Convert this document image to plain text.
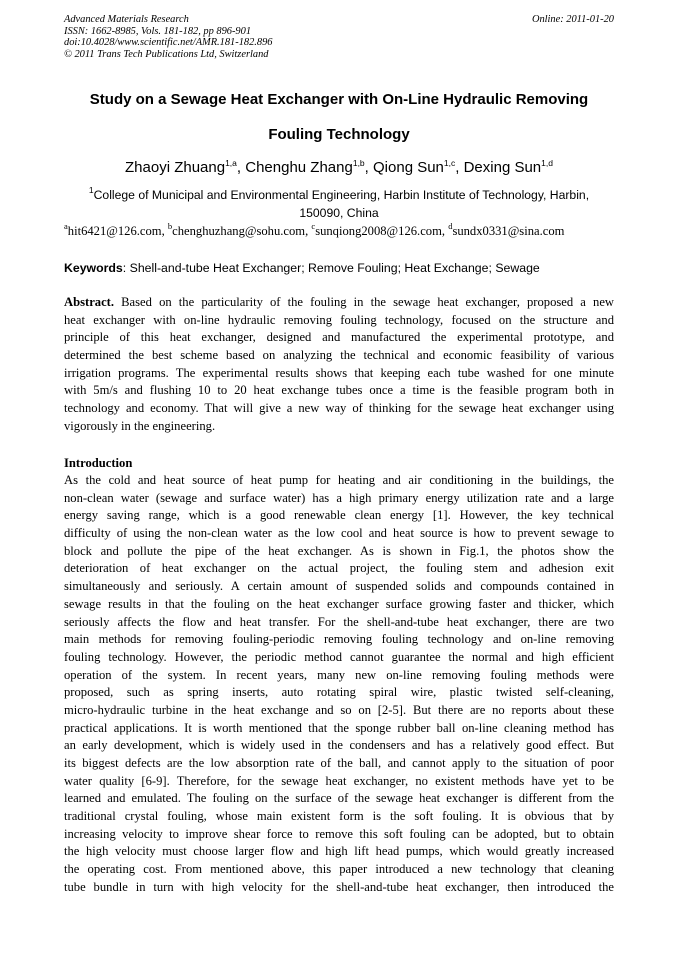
Advanced Materials Research
ISSN: 1662-8985, Vols. 181-182, pp 896-901
doi:10.4028/www.scientific.net/AMR.181-182.896
© 2011 Trans Tech Publications Ltd, Switzerland
Online: 2011-01-20
Study on a Sewage Heat Exchanger with On-Line Hydraulic Removing
Fouling Technology
Zhaoyi Zhuang$^{1,a}$, Chenghu Zhang$^{1,b}$, Qiong Sun$^{1,c}$, Dexing Sun$^{1,d}$
$^1$College of Municipal and Environmental Engineering, Harbin Institute of Technology, Harbin,
150090, China
$^a$hit6421@126.com, $^b$chenghuzhang@sohu.com, $^c$sunqiong2008@126.com, $^d$sundx0331@sina.com
Keywords: Shell-and-tube Heat Exchanger; Remove Fouling; Heat Exchange; Sewage
Abstract. Based on the particularity of the fouling in the sewage heat exchanger, proposed a new
heat exchanger with on-line hydraulic removing fouling technology, focused on the structure and
principle of this heat exchanger, designed and manufactured the experimental prototype, and
determined the best scheme based on analyzing the technical and economic feasibility of various
irrigation programs. The experimental results shows that keeping each tube washed for one minute
with 5m/s and flushing 10 to 20 heat exchange tubes once a time is the feasible program both in
technology and economy. That will give a new way of thinking for the sewage heat exchanger using
vigorously in the engineering.
Introduction
As the cold and heat source of heat pump for heating and air conditioning in the buildings, the
non-clean water (sewage and surface water) has a high primary energy utilization rate and a large
energy saving range, which is a good renewable clean energy [1]. However, the key technical
difficulty of using the non-clean water as the low cool and heat source is how to prevent sewage to
block and pollute the pipe of the heat exchanger. As is shown in Fig.1, the photos show the
deterioration of heat exchanger on the actual project, the fouling stem and adhesion exit
simultaneously and seriously. A certain amount of suspended solids and compounds contained in
sewage results in that the fouling on the heat exchanger surface growing faster and thicker, which
seriously affects the flow and heat transfer. For the shell-and-tube heat exchanger, there are two
main methods for removing fouling-periodic removing fouling technology and on-line removing
fouling technology. However, the periodic method cannot guarantee the normal and high efficient
operation of the system. In recent years, many new on-line removing fouling methods were
proposed, such as spring inserts, auto rotating spiral wire, plastic twisted self-cleaning,
micro-hydraulic turbine in the heat exchange and so on [2-5]. But there are no reports about these
practical applications. It is worth mentioned that the sponge rubber ball on-line cleaning method has
an early development, which is widely used in the condensers and has a relatively good effect. But
its biggest defects are the low absorption rate of the ball, and cannot apply to the situation of poor
water quality [6-9]. Therefore, for the sewage heat exchanger, no existent methods have yet to be
learned and emulated. The fouling on the surface of the sewage heat exchanger is different from the
traditional crystal fouling, whose main existent form is the soft fouling. It is obvious that by
increasing velocity to improve shear force to remove this soft fouling can be adopted, but to obtain
the high velocity must choose larger flow and high lift head pumps, which would greatly increased
the operating cost. From mentioned above, this paper introduced a new technology that cleaning
tube bundle in turn with high velocity for the shell-and-tube heat exchanger, then introduced the
